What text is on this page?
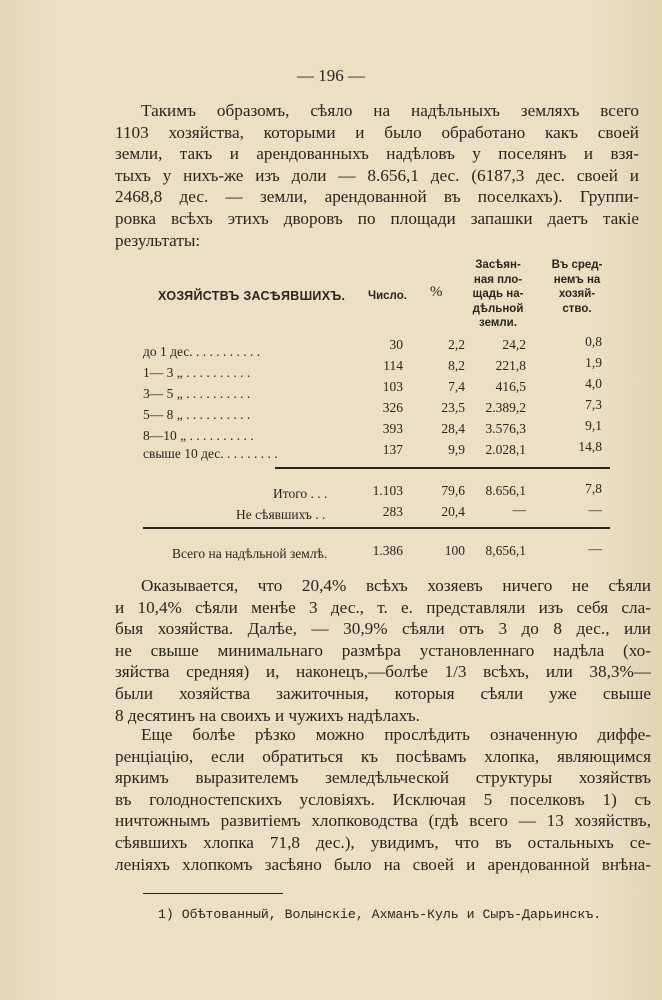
— 196 —
Такимъ образомъ, сѣяло на надѣльныхъ земляхъ всего
1103 хозяйства, которыми и было обработано какъ своей
земли, такъ и арендованныхъ надѣловъ у поселянъ и взя-
тыхъ у нихъ-же изъ доли — 8.656,1 дес. (6187,3 дес. своей и
2468,8 дес. — земли, арендованной въ поселкахъ). Группи-
ровка всѣхъ этихъ дворовъ по площади запашки даетъ такіе
результаты:
ХОЗЯЙСТВЪ ЗАСѢЯВШИХЪ. Число. %
Засѣян-
ная пло-
щадь на-
дѣльной
земли.
Въ сред-
немъ на
хозяй-
ство.
до 1 дес. . . . . . . . . . .	30	2,2	24,2	0,8
1— 3 „ . . . . . . . . . .	114	8,2	221,8	1,9
3— 5 „ . . . . . . . . . .	103	7,4	416,5	4,0
5— 8 „ . . . . . . . . . .	326	23,5	2.389,2	7,3
8—10 „ . . . . . . . . . .	393	28,4	3.576,3	9,1
свыше 10 дес. . . . . . . . .	137	9,9	2.028,1	14,8
Итого . . .	1.103	79,6	8.656,1	7,8
Не сѣявшихъ . .	283	20,4	—	—
Всего на надѣльной землѣ.	1.386	100	8,656,1	—
Оказывается, что 20,4% всѣхъ хозяевъ ничего не сѣяли
и 10,4% сѣяли менѣе 3 дес., т. е. представляли изъ себя сла-
быя хозяйства. Далѣе, — 30,9% сѣяли отъ 3 до 8 дес., или
не свыше минимальнаго размѣра установленнаго надѣла (хо-
зяйства средняя) и, наконецъ,—болѣе 1/3 всѣхъ, или 38,3%—
были хозяйства зажиточныя, которыя сѣяли уже свыше
8 десятинъ на своихъ и чужихъ надѣлахъ.
Еще болѣе рѣзко можно прослѣдить означенную диффе-
ренціацію, если обратиться къ посѣвамъ хлопка, являющимся
яркимъ выразителемъ земледѣльческой структуры хозяйствъ
въ голодностепскихъ условіяхъ. Исключая 5 поселковъ 1) съ
ничтожнымъ развитіемъ хлопководства (гдѣ всего — 13 хозяйствъ,
сѣявшихъ хлопка 71,8 дес.), увидимъ, что въ остальныхъ се-
леніяхъ хлопкомъ засѣяно было на своей и арендованной внѣна-
1) Обѣтованный, Волынскіе, Ахманъ-Куль и Сыръ-Дарьинскъ.
